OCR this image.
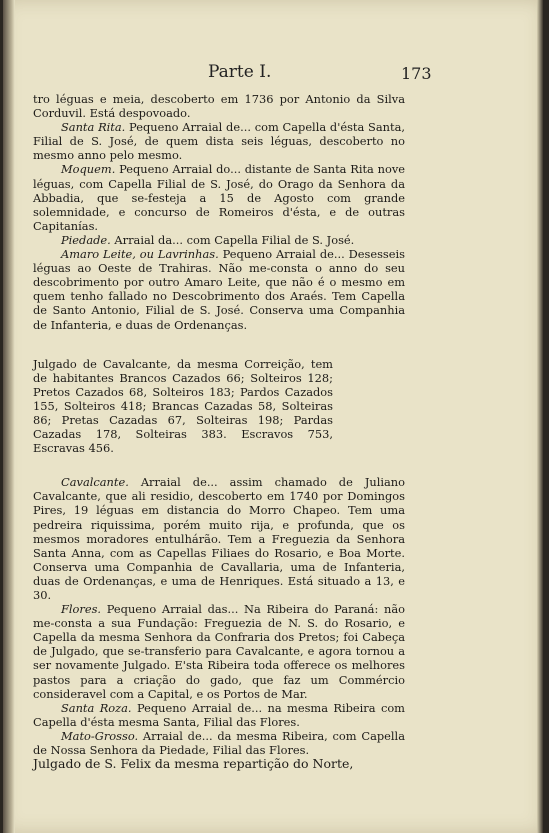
Parte I.	173

tro léguas e meia, descoberto em 1736 por Antonio da Silva Corduvil. Está despovoado.

Santa Rita. Pequeno Arraial de... com Capella d'ésta Santa, Filial de S. José, de quem dista seis léguas, descoberto no mesmo anno pelo mesmo.

Moquem. Pequeno Arraial do... distante de Santa Rita nove léguas, com Capella Filial de S. José, do Orago da Senhora da Abbadia, que se-festeja a 15 de Agosto com grande solemnidade, e concurso de Romeiros d'ésta, e de outras Capitanías.

Piedade. Arraial da... com Capella Filial de S. José.

Amaro Leite, ou Lavrinhas. Pequeno Arraial de... Desesseis léguas ao Oeste de Trahiras. Não me-consta o anno do seu descobrimento por outro Amaro Leite, que não é o mesmo em quem tenho fallado no Descobrimento dos Araés. Tem Capella de Santo Antonio, Filial de S. José. Conserva uma Companhia de Infanteria, e duas de Ordenanças.

Julgado de Cavalcante, da mesma Correição, tem de habitantes Brancos Cazados 66; Solteiros 128; Pretos Cazados 68, Solteiros 183; Pardos Cazados 155, Solteiros 418; Brancas Cazadas 58, Solteiras 86; Pretas Cazadas 67, Solteiras 198; Pardas Cazadas 178, Solteiras 383. Escravos 753, Escravas 456.

Cavalcante. Arraial de... assim chamado de Juliano Cavalcante, que ali residio, descoberto em 1740 por Domingos Pires, 19 léguas em distancia do Morro Chapeo. Tem uma pedreira riquissima, porém muito rija, e profunda, que os mesmos moradores entulhárão. Tem a Freguezia da Senhora Santa Anna, com as Capellas Filiaes do Rosario, e Boa Morte. Conserva uma Companhia de Cavallaria, uma de Infanteria, duas de Ordenanças, e uma de Henriques. Está situado a 13, e 30.

Flores. Pequeno Arraial das... Na Ribeira do Paraná: não me-consta a sua Fundação: Freguezia de N. S. do Rosario, e Capella da mesma Senhora da Confraria dos Pretos; foi Cabeça de Julgado, que se-transferio para Cavalcante, e agora tornou a ser novamente Julgado. E'sta Ribeira toda offerece os melhores pastos para a criação do gado, que faz um Commércio consideravel com a Capital, e os Portos de Mar.

Santa Roza. Pequeno Arraial de... na mesma Ribeira com Capella d'ésta mesma Santa, Filial das Flores.

Mato-Grosso. Arraial de... da mesma Ribeira, com Capella de Nossa Senhora da Piedade, Filial das Flores.

Julgado de S. Felix da mesma repartição do Norte,
